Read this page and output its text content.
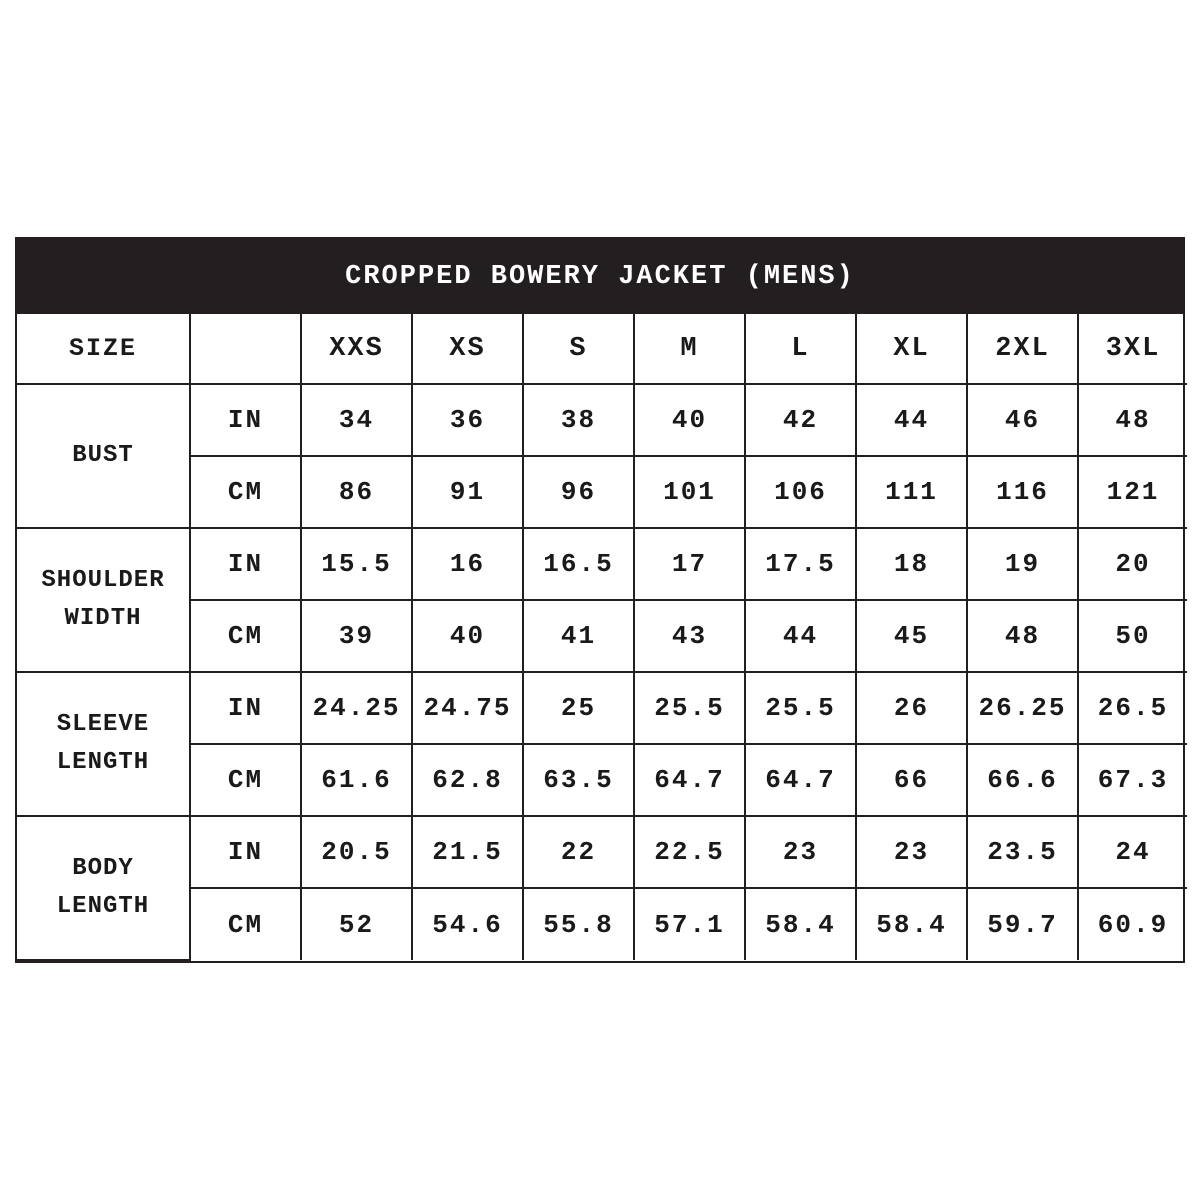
CROPPED BOWERY JACKET (MENS)
SIZE		XXS	XS	S	M	L	XL	2XL	3XL
BUST	IN	34	36	38	40	42	44	46	48
	CM	86	91	96	101	106	111	116	121
SHOULDER
WIDTH	IN	15.5	16	16.5	17	17.5	18	19	20
	CM	39	40	41	43	44	45	48	50
SLEEVE
LENGTH	IN	24.25	24.75	25	25.5	25.5	26	26.25	26.5
	CM	61.6	62.8	63.5	64.7	64.7	66	66.6	67.3
BODY
LENGTH	IN	20.5	21.5	22	22.5	23	23	23.5	24
	CM	52	54.6	55.8	57.1	58.4	58.4	59.7	60.9
